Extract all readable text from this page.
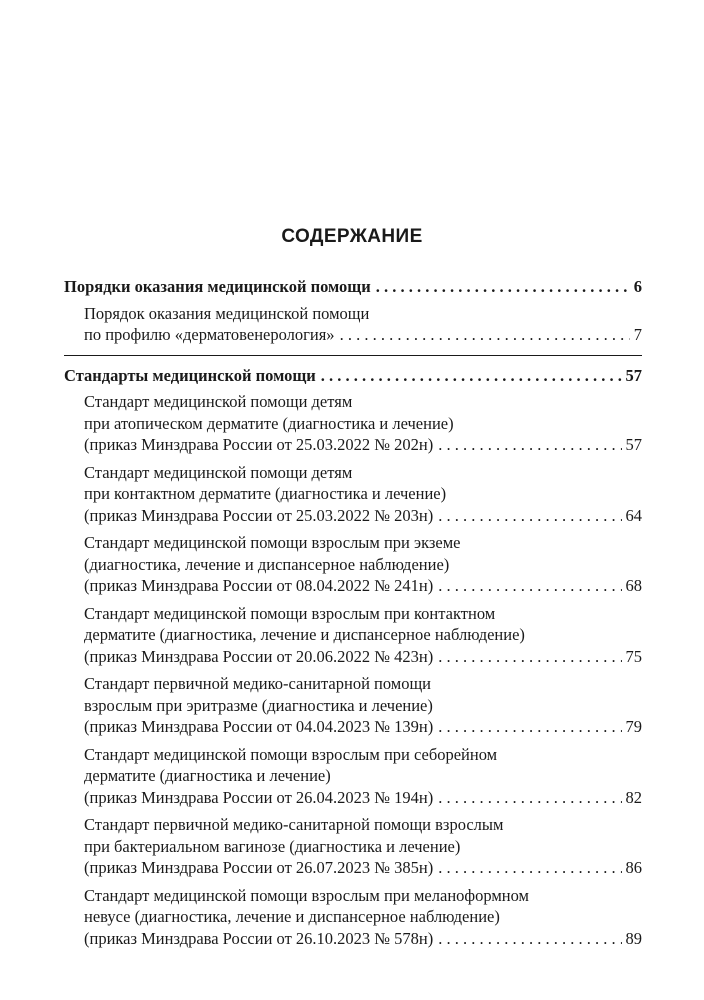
СОДЕРЖАНИЕ
Порядки оказания медицинской помощи . . .	6
Порядок оказания медицинской помощи
по профилю «дерматовенерология» . . .	7
Стандарты медицинской помощи . . .	57
Стандарт медицинской помощи детям
при атопическом дерматите (диагностика и лечение)
(приказ Минздрава России от 25.03.2022 № 202н) . . .	57
Стандарт медицинской помощи детям
при контактном дерматите (диагностика и лечение)
(приказ Минздрава России от 25.03.2022 № 203н) . . .	64
Стандарт медицинской помощи взрослым при экземе
(диагностика, лечение и диспансерное наблюдение)
(приказ Минздрава России от 08.04.2022 № 241н) . . .	68
Стандарт медицинской помощи взрослым при контактном
дерматите (диагностика, лечение и диспансерное наблюдение)
(приказ Минздрава России от 20.06.2022 № 423н) . . .	75
Стандарт первичной медико-санитарной помощи
взрослым при эритразме (диагностика и лечение)
(приказ Минздрава России от 04.04.2023 № 139н) . . .	79
Стандарт медицинской помощи взрослым при себорейном
дерматите (диагностика и лечение)
(приказ Минздрава России от 26.04.2023 № 194н) . . .	82
Стандарт первичной медико-санитарной помощи взрослым
при бактериальном вагинозе (диагностика и лечение)
(приказ Минздрава России от 26.07.2023 № 385н) . . .	86
Стандарт медицинской помощи взрослым при меланоформном
невусе (диагностика, лечение и диспансерное наблюдение)
(приказ Минздрава России от 26.10.2023 № 578н) . . .	89
